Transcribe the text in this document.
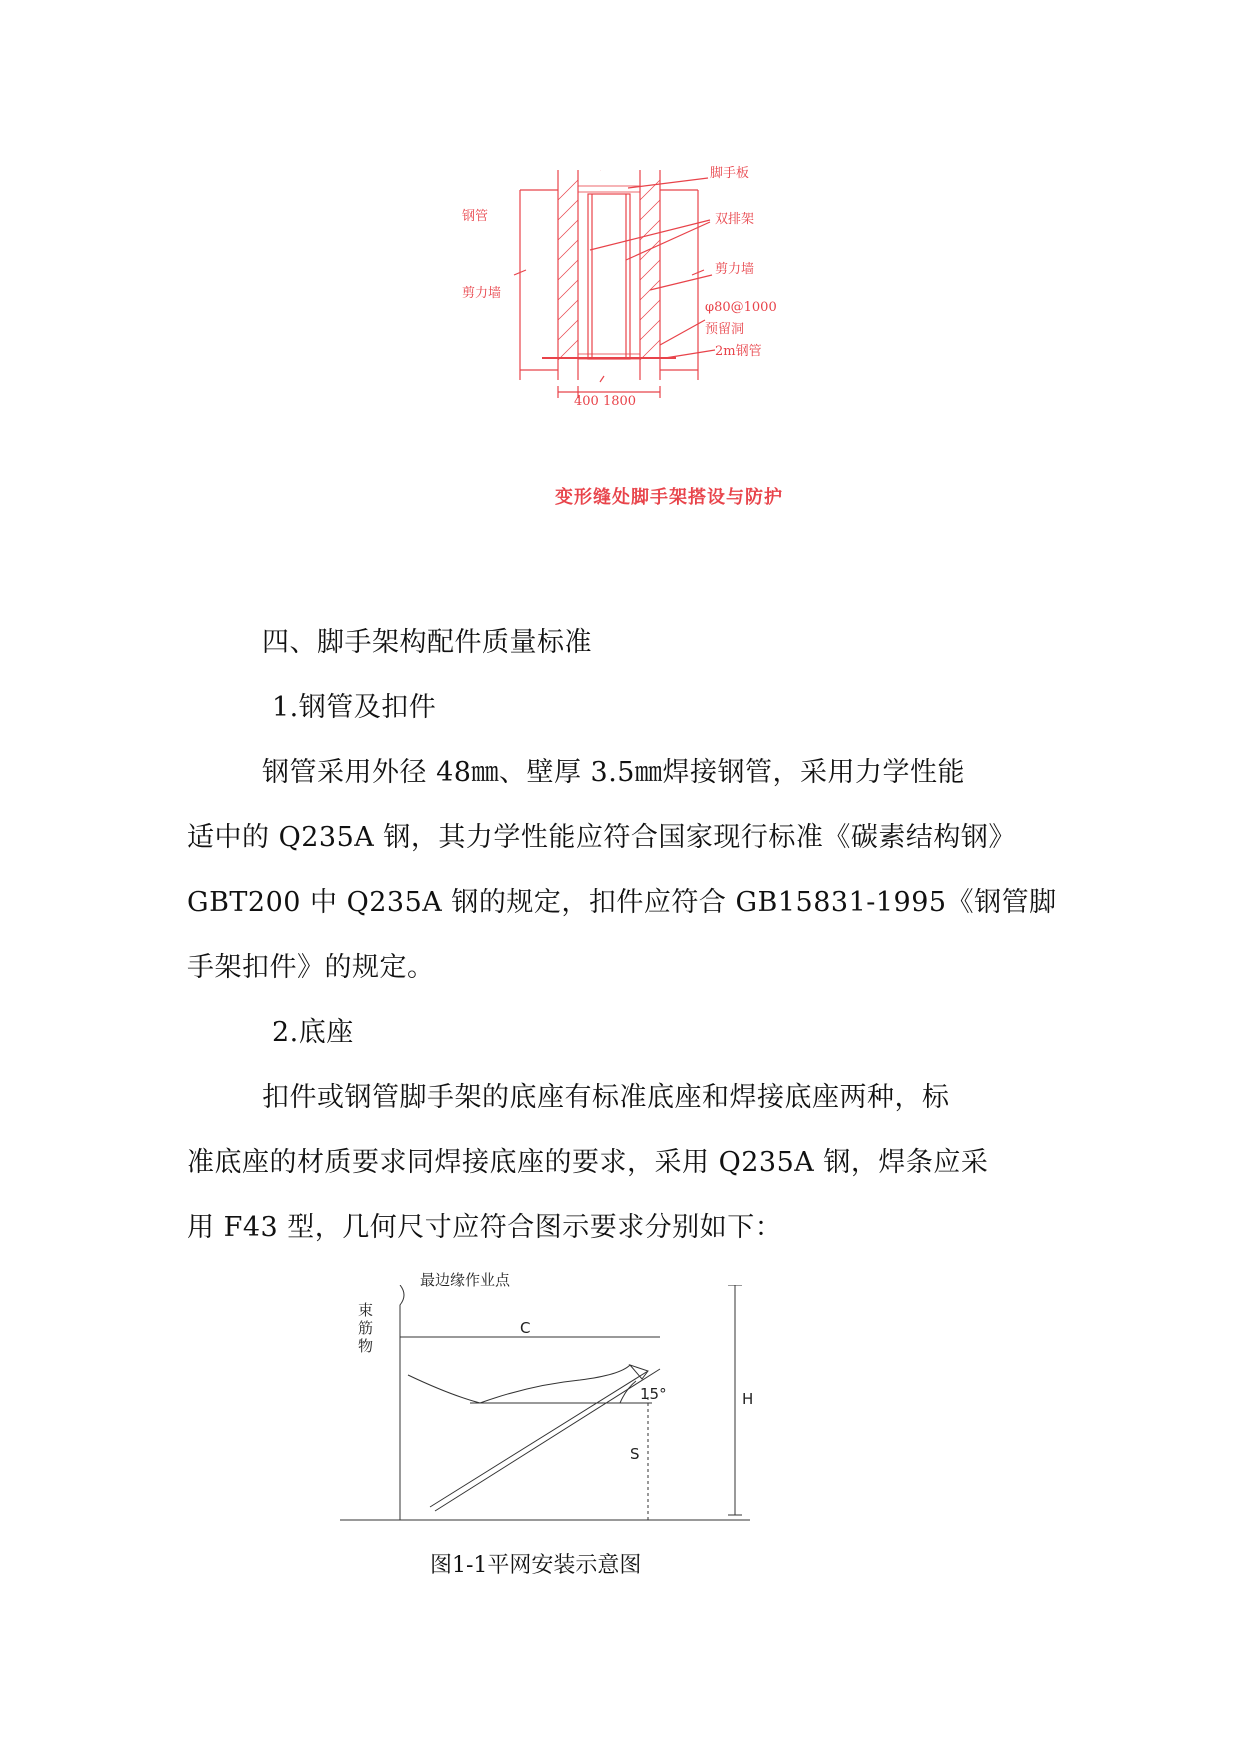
脚手板
钢管	双排架
剪力墙
剪力墙
φ80@1000
预留洞
2m钢管
400 1800
变形缝处脚手架搭设与防护
四、脚手架构配件质量标准
1.钢管及扣件
钢管采用外径 48㎜、壁厚 3.5㎜焊接钢管，采用力学性能
适中的 Q235A 钢，其力学性能应符合国家现行标准《碳素结构钢》
GBT200 中 Q235A 钢的规定，扣件应符合 GB15831-1995《钢管脚
手架扣件》的规定。
2.底座
扣件或钢管脚手架的底座有标准底座和焊接底座两种，标
准底座的材质要求同焊接底座的要求，采用 Q235A 钢，焊条应采
用 F43 型，几何尺寸应符合图示要求分别如下：
最边缘作业点
束
筋
物
C
H
S
15°
图1-1平网安装示意图
